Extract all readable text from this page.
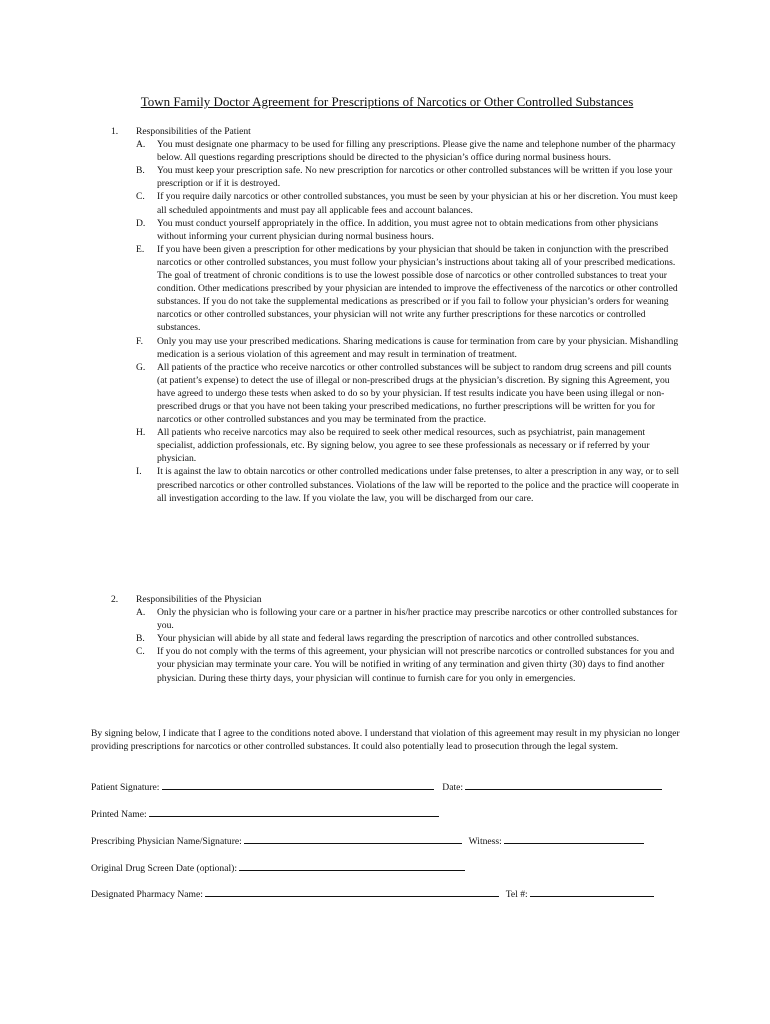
Town Family Doctor Agreement for Prescriptions of Narcotics or Other Controlled Substances
1. Responsibilities of the Patient
A. You must designate one pharmacy to be used for filling any prescriptions. Please give the name and telephone number of the pharmacy below. All questions regarding prescriptions should be directed to the physician’s office during normal business hours.
B. You must keep your prescription safe. No new prescription for narcotics or other controlled substances will be written if you lose your prescription or if it is destroyed.
C. If you require daily narcotics or other controlled substances, you must be seen by your physician at his or her discretion. You must keep all scheduled appointments and must pay all applicable fees and account balances.
D. You must conduct yourself appropriately in the office. In addition, you must agree not to obtain medications from other physicians without informing your current physician during normal business hours.
E. If you have been given a prescription for other medications by your physician that should be taken in conjunction with the prescribed narcotics or other controlled substances, you must follow your physician’s instructions about taking all of your prescribed medications. The goal of treatment of chronic conditions is to use the lowest possible dose of narcotics or other controlled substances to treat your condition. Other medications prescribed by your physician are intended to improve the effectiveness of the narcotics or other controlled substances. If you do not take the supplemental medications as prescribed or if you fail to follow your physician’s orders for weaning narcotics or other controlled substances, your physician will not write any further prescriptions for these narcotics or controlled substances.
F. Only you may use your prescribed medications. Sharing medications is cause for termination from care by your physician. Mishandling medication is a serious violation of this agreement and may result in termination of treatment.
G. All patients of the practice who receive narcotics or other controlled substances will be subject to random drug screens and pill counts (at patient’s expense) to detect the use of illegal or non-prescribed drugs at the physician’s discretion. By signing this Agreement, you have agreed to undergo these tests when asked to do so by your physician. If test results indicate you have been using illegal or non-prescribed drugs or that you have not been taking your prescribed medications, no further prescriptions will be written for you for narcotics or other controlled substances and you may be terminated from the practice.
H. All patients who receive narcotics may also be required to seek other medical resources, such as psychiatrist, pain management specialist, addiction professionals, etc. By signing below, you agree to see these professionals as necessary or if referred by your physician.
I. It is against the law to obtain narcotics or other controlled medications under false pretenses, to alter a prescription in any way, or to sell prescribed narcotics or other controlled substances. Violations of the law will be reported to the police and the practice will cooperate in all investigation according to the law. If you violate the law, you will be discharged from our care.
2. Responsibilities of the Physician
A. Only the physician who is following your care or a partner in his/her practice may prescribe narcotics or other controlled substances for you.
B. Your physician will abide by all state and federal laws regarding the prescription of narcotics and other controlled substances.
C. If you do not comply with the terms of this agreement, your physician will not prescribe narcotics or controlled substances for you and your physician may terminate your care. You will be notified in writing of any termination and given thirty (30) days to find another physician. During these thirty days, your physician will continue to furnish care for you only in emergencies.
By signing below, I indicate that I agree to the conditions noted above. I understand that violation of this agreement may result in my physician no longer providing prescriptions for narcotics or other controlled substances. It could also potentially lead to prosecution through the legal system.
Patient Signature:	Date:
Printed Name:
Prescribing Physician Name/Signature:	Witness:
Original Drug Screen Date (optional):
Designated Pharmacy Name:	Tel #:
